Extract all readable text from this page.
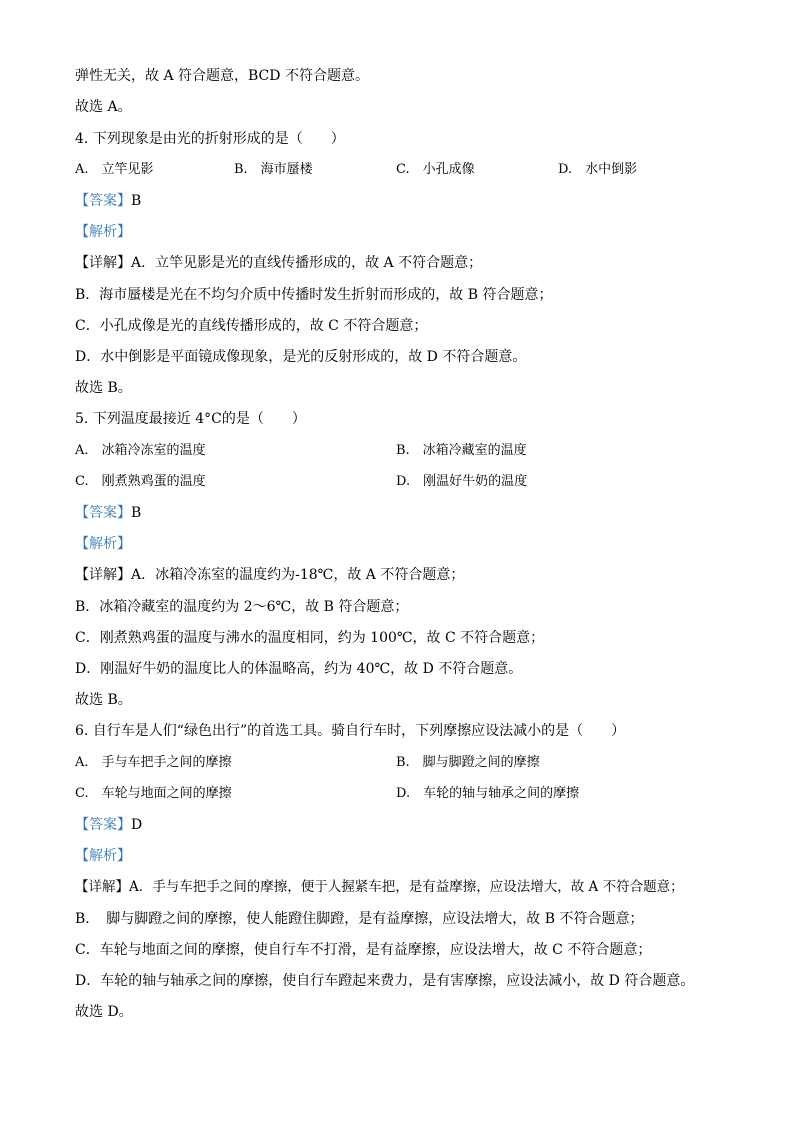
弹性无关，故 A 符合题意，BCD 不符合题意。
故选 A。
4. 下列现象是由光的折射形成的是（　　）
A.　立竿见影	B.　海市蜃楼	C.　小孔成像	D.　水中倒影
【答案】B
【解析】
【详解】A．立竿见影是光的直线传播形成的，故 A 不符合题意；
B．海市蜃楼是光在不均匀介质中传播时发生折射而形成的，故 B 符合题意；
C．小孔成像是光的直线传播形成的，故 C 不符合题意；
D．水中倒影是平面镜成像现象，是光的反射形成的，故 D 不符合题意。
故选 B。
5. 下列温度最接近 4°C的是（　　）
A.　冰箱冷冻室的温度	B.　冰箱冷藏室的温度
C.　刚煮熟鸡蛋的温度	D.　刚温好牛奶的温度
【答案】B
【解析】
【详解】A．冰箱冷冻室的温度约为-18℃，故 A 不符合题意；
B．冰箱冷藏室的温度约为 2～6℃，故 B 符合题意；
C．刚煮熟鸡蛋的温度与沸水的温度相同，约为 100℃，故 C 不符合题意；
D．刚温好牛奶的温度比人的体温略高，约为 40℃，故 D 不符合题意。
故选 B。
6. 自行车是人们“绿色出行”的首选工具。骑自行车时，下列摩擦应设法减小的是（　　）
A.　手与车把手之间的摩擦	B.　脚与脚蹬之间的摩擦
C.　车轮与地面之间的摩擦	D.　车轮的轴与轴承之间的摩擦
【答案】D
【解析】
【详解】A．手与车把手之间的摩擦，便于人握紧车把，是有益摩擦，应设法增大，故 A 不符合题意；
B．　脚与脚蹬之间的摩擦，使人能蹬住脚蹬，是有益摩擦，应设法增大，故 B 不符合题意；
C．车轮与地面之间的摩擦，使自行车不打滑，是有益摩擦，应设法增大，故 C 不符合题意；
D．车轮的轴与轴承之间的摩擦，使自行车蹬起来费力，是有害摩擦，应设法减小，故 D 符合题意。
故选 D。
